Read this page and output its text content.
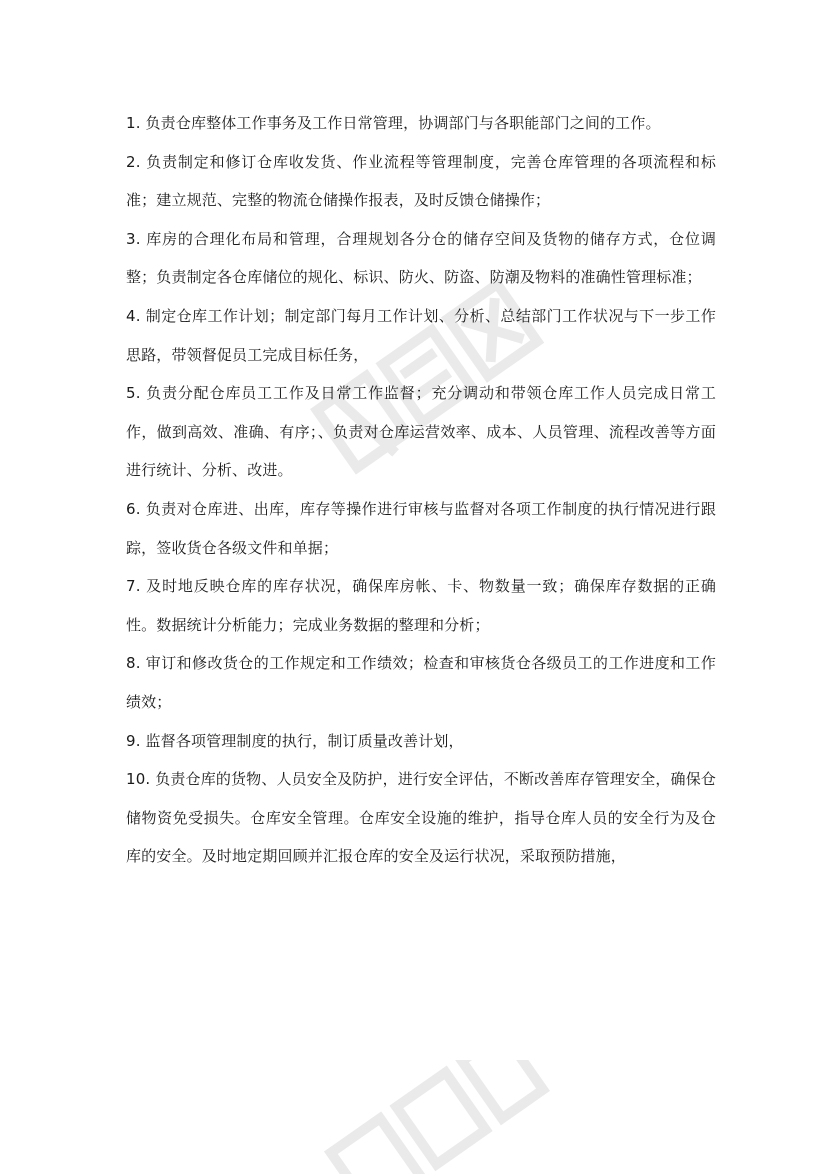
1. 负责仓库整体工作事务及工作日常管理，协调部门与各职能部门之间的工作。

2. 负责制定和修订仓库收发货、作业流程等管理制度，完善仓库管理的各项流程和标准；建立规范、完整的物流仓储操作报表，及时反馈仓储操作；

3. 库房的合理化布局和管理，合理规划各分仓的储存空间及货物的储存方式，仓位调整；负责制定各仓库储位的规化、标识、防火、防盗、防潮及物料的准确性管理标准；

4. 制定仓库工作计划；制定部门每月工作计划、分析、总结部门工作状况与下一步工作思路，带领督促员工完成目标任务，

5. 负责分配仓库员工工作及日常工作监督；充分调动和带领仓库工作人员完成日常工作，做到高效、准确、有序；、负责对仓库运营效率、成本、人员管理、流程改善等方面进行统计、分析、改进。

6. 负责对仓库进、出库，库存等操作进行审核与监督对各项工作制度的执行情况进行跟踪，签收货仓各级文件和单据；

7. 及时地反映仓库的库存状况，确保库房帐、卡、物数量一致；确保库存数据的正确性。数据统计分析能力；完成业务数据的整理和分析；

8. 审订和修改货仓的工作规定和工作绩效；检查和审核货仓各级员工的工作进度和工作绩效；

9. 监督各项管理制度的执行，制订质量改善计划，

10. 负责仓库的货物、人员安全及防护，进行安全评估，不断改善库存管理安全，确保仓储物资免受损失。仓库安全管理。仓库安全设施的维护，指导仓库人员的安全行为及仓库的安全。及时地定期回顾并汇报仓库的安全及运行状况，采取预防措施，
